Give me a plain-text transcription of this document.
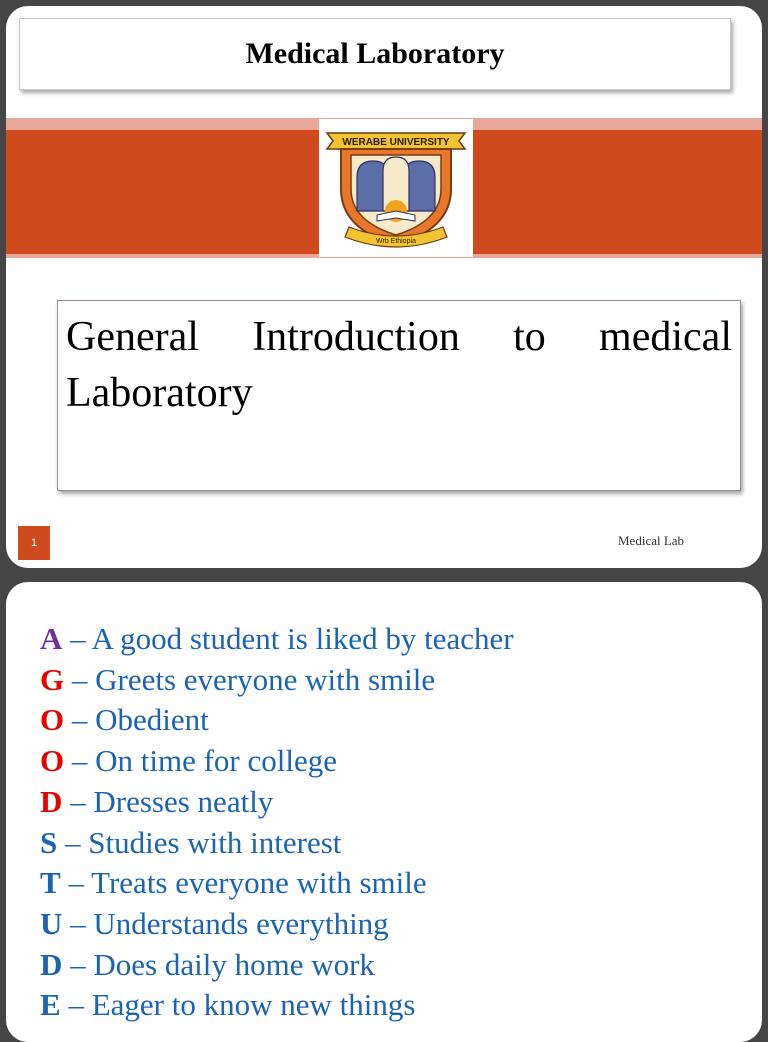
Medical Laboratory
WERABE UNIVERSITY
Wrb Ethiopia

General Introduction to medical Laboratory

1	Medical Lab
A – A good student is liked by teacher
G – Greets everyone with smile
O – Obedient
O – On time for college
D – Dresses neatly
S – Studies with interest
T – Treats everyone with smile
U – Understands everything
D – Does daily home work
E – Eager to know new things
